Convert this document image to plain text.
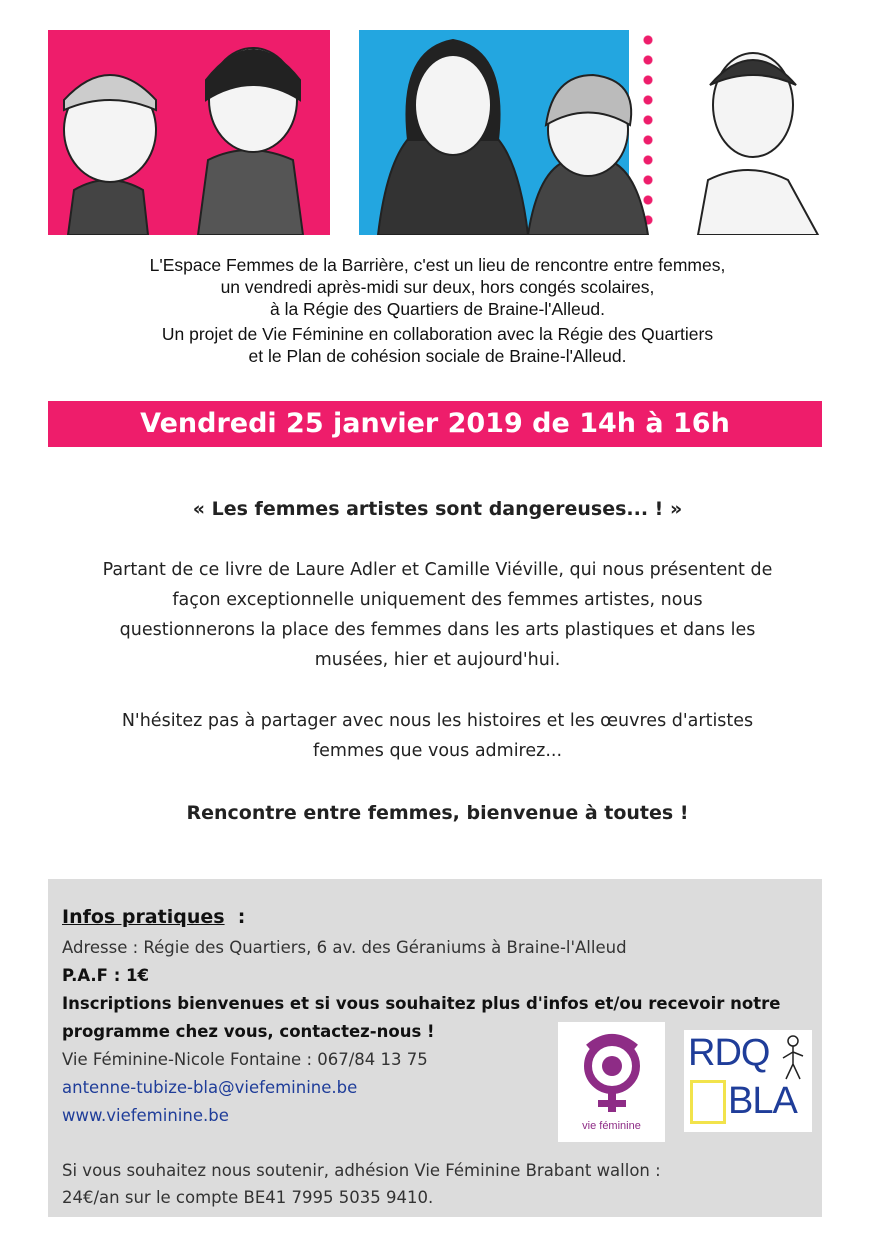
L'Espace Femmes de la Barrière, c'est un lieu de rencontre entre femmes,
un vendredi après-midi sur deux, hors congés scolaires,
à la Régie des Quartiers de Braine-l'Alleud.
Un projet de Vie Féminine en collaboration avec la Régie des Quartiers
et le Plan de cohésion sociale de Braine-l'Alleud.
Vendredi 25 janvier 2019 de 14h à 16h
« Les femmes artistes sont dangereuses... ! »
Partant de ce livre de Laure Adler et Camille Viéville, qui nous présentent de
façon exceptionnelle uniquement des femmes artistes, nous
questionnerons la place des femmes dans les arts plastiques et dans les
musées, hier et aujourd'hui.
N'hésitez pas à partager avec nous les histoires et les œuvres d'artistes
femmes que vous admirez...
Rencontre entre femmes, bienvenue à toutes !
Infos pratiques :
Adresse : Régie des Quartiers, 6 av. des Géraniums à Braine-l'Alleud
P.A.F : 1€
Inscriptions bienvenues et si vous souhaitez plus d'infos et/ou recevoir notre
programme chez vous, contactez-nous !
Vie Féminine-Nicole Fontaine : 067/84 13 75
antenne-tubize-bla@viefeminine.be
www.viefeminine.be
Si vous souhaitez nous soutenir, adhésion Vie Féminine Brabant wallon :
24€/an sur le compte BE41 7995 5035 9410.
vie féminine
RDQ
BLA
